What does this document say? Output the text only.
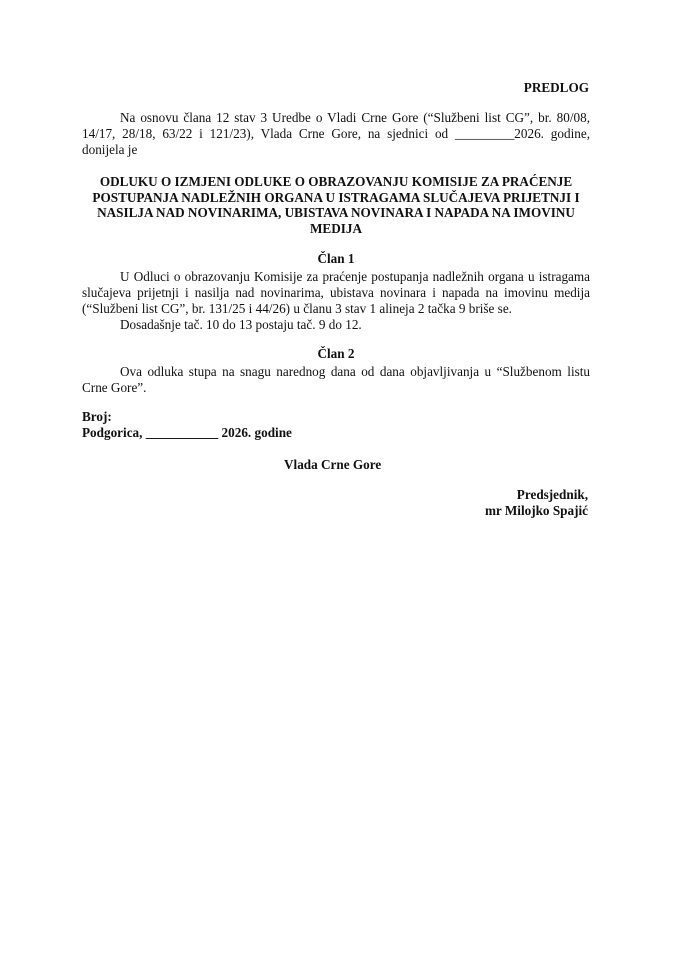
PREDLOG

Na osnovu člana 12 stav 3 Uredbe o Vladi Crne Gore (“Službeni list CG”, br. 80/08, 14/17, 28/18, 63/22 i 121/23), Vlada Crne Gore, na sjednici od _________2026. godine, donijela je

ODLUKU O IZMJENI ODLUKE O OBRAZOVANJU KOMISIJE ZA PRAĆENJE POSTUPANJA NADLEŽNIH ORGANA U ISTRAGAMA SLUČAJEVA PRIJETNJI I NASILJA NAD NOVINARIMA, UBISTAVA NOVINARA I NAPADA NA IMOVINU MEDIJA

Član 1

U Odluci o obrazovanju Komisije za praćenje postupanja nadležnih organa u istragama slučajeva prijetnji i nasilja nad novinarima, ubistava novinara i napada na imovinu medija (“Službeni list CG”, br. 131/25 i 44/26) u članu 3 stav 1 alineja 2 tačka 9 briše se.

Dosadašnje tač. 10 do 13 postaju tač. 9 do 12.

Član 2

Ova odluka stupa na snagu narednog dana od dana objavljivanja u “Službenom listu Crne Gore”.

Broj:
Podgorica, ___________ 2026. godine
Vlada Crne Gore
Predsjednik,
mr Milojko Spajić
